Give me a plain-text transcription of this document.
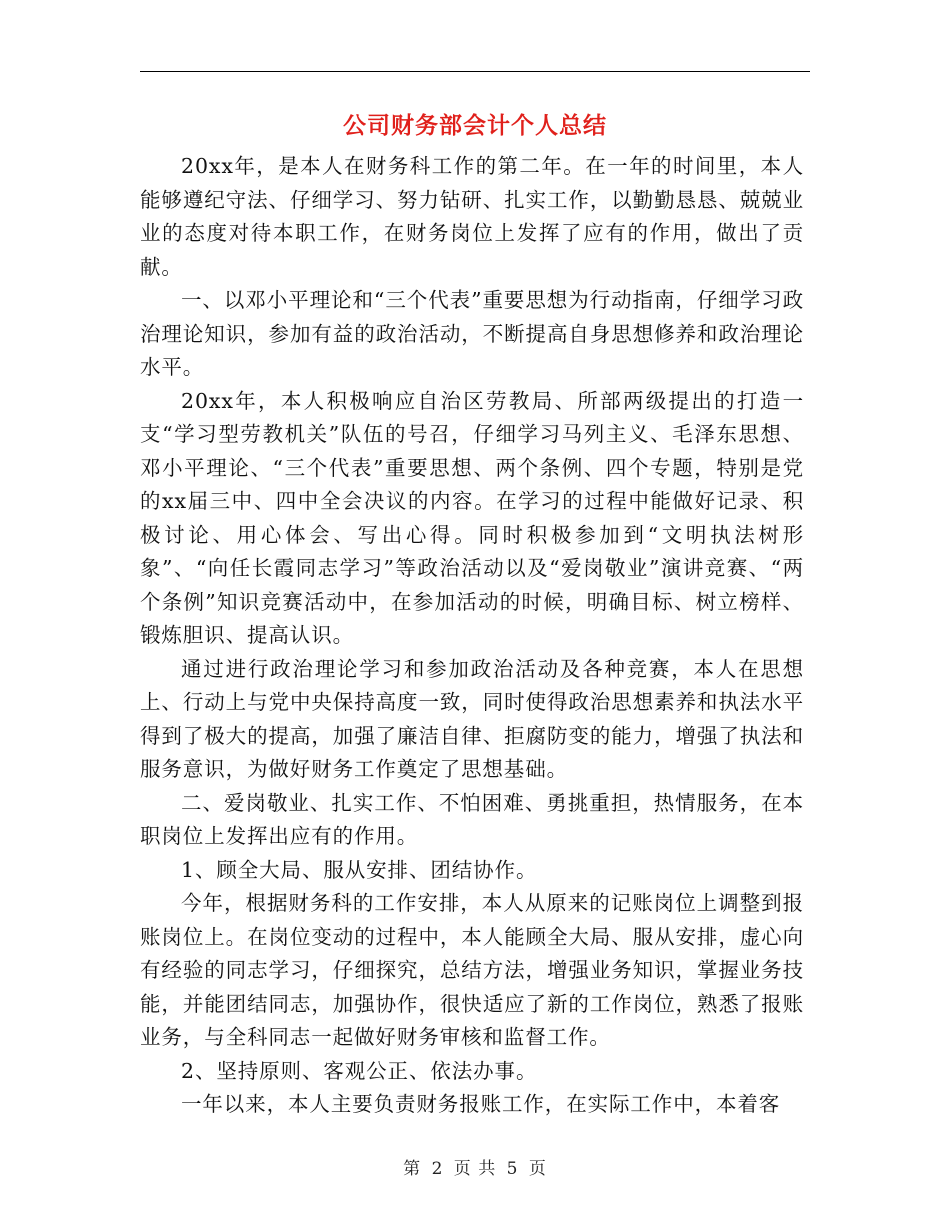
公司财务部会计个人总结

20xx年，是本人在财务科工作的第二年。在一年的时间里，本人能够遵纪守法、仔细学习、努力钻研、扎实工作，以勤勤恳恳、兢兢业业的态度对待本职工作，在财务岗位上发挥了应有的作用，做出了贡献。

一、以邓小平理论和“三个代表”重要思想为行动指南，仔细学习政治理论知识，参加有益的政治活动，不断提高自身思想修养和政治理论水平。

20xx年，本人积极响应自治区劳教局、所部两级提出的打造一支“学习型劳教机关”队伍的号召，仔细学习马列主义、毛泽东思想、邓小平理论、“三个代表”重要思想、两个条例、四个专题，特别是党的xx届三中、四中全会决议的内容。在学习的过程中能做好记录、积极讨论、用心体会、写出心得。同时积极参加到“文明执法树形象”、“向任长霞同志学习”等政治活动以及“爱岗敬业”演讲竞赛、“两个条例”知识竞赛活动中，在参加活动的时候，明确目标、树立榜样、锻炼胆识、提高认识。

通过进行政治理论学习和参加政治活动及各种竞赛，本人在思想上、行动上与党中央保持高度一致，同时使得政治思想素养和执法水平得到了极大的提高，加强了廉洁自律、拒腐防变的能力，增强了执法和服务意识，为做好财务工作奠定了思想基础。

二、爱岗敬业、扎实工作、不怕困难、勇挑重担，热情服务，在本职岗位上发挥出应有的作用。

1、顾全大局、服从安排、团结协作。

今年，根据财务科的工作安排，本人从原来的记账岗位上调整到报账岗位上。在岗位变动的过程中，本人能顾全大局、服从安排，虚心向有经验的同志学习，仔细探究，总结方法，增强业务知识，掌握业务技能，并能团结同志，加强协作，很快适应了新的工作岗位，熟悉了报账业务，与全科同志一起做好财务审核和监督工作。

2、坚持原则、客观公正、依法办事。

一年以来，本人主要负责财务报账工作，在实际工作中，本着客

第 2 页 共 5 页
